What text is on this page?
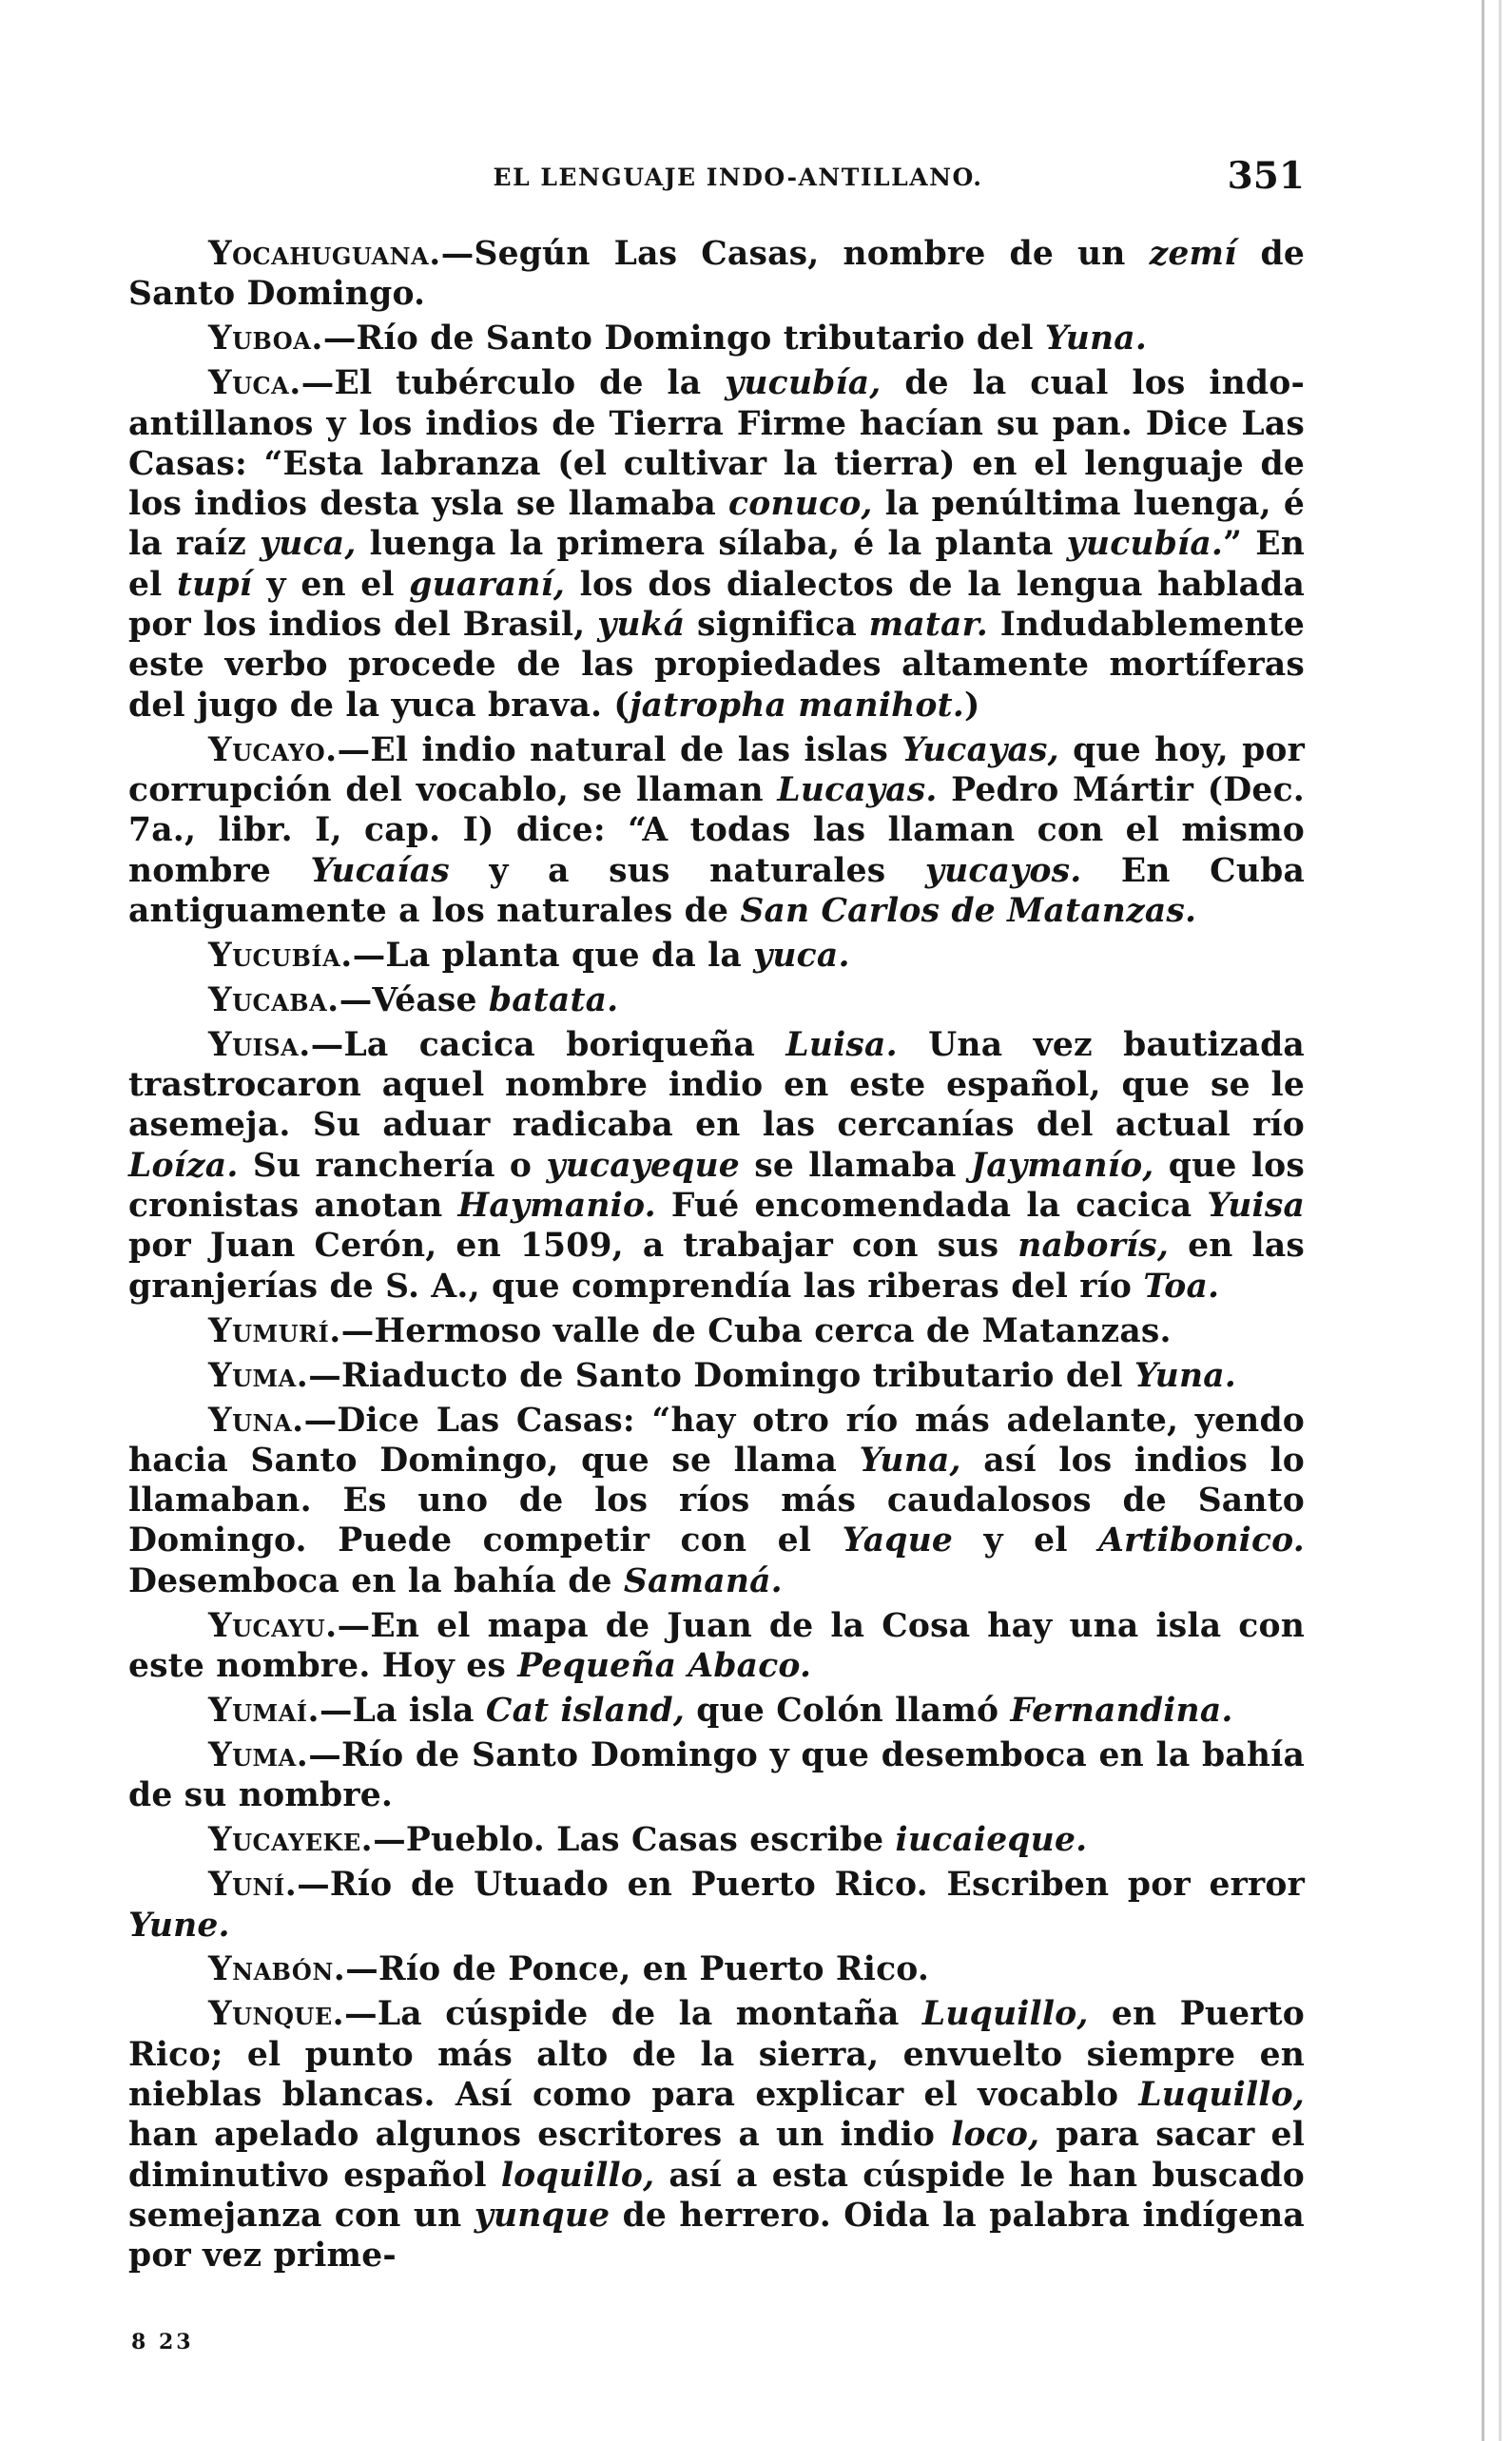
EL LENGUAJE INDO-ANTILLANO.	351

Yocahuguana.—Según Las Casas, nombre de un zemí de Santo Domingo.

Yuboa.—Río de Santo Domingo tributario del Yuna.

Yuca.—El tubérculo de la yucubía, de la cual los indo-antillanos y los indios de Tierra Firme hacían su pan. Dice Las Casas: “Esta labranza (el cultivar la tierra) en el lenguaje de los indios desta ysla se llamaba conuco, la penúltima luenga, é la raíz yuca, luenga la primera sílaba, é la planta yucubía.” En el tupí y en el guaraní, los dos dialectos de la lengua hablada por los indios del Brasil, yuká significa matar. Indudablemente este verbo procede de las propiedades altamente mortíferas del jugo de la yuca brava. (jatropha manihot.)

Yucayo.—El indio natural de las islas Yucayas, que hoy, por corrupción del vocablo, se llaman Lucayas. Pedro Mártir (Dec. 7a., libr. I, cap. I) dice: “A todas las llaman con el mismo nombre Yucaías y a sus naturales yucayos. En Cuba antiguamente a los naturales de San Carlos de Matanzas.

Yucubía.—La planta que da la yuca.

Yucaba.—Véase batata.

Yuisa.—La cacica boriqueña Luisa. Una vez bautizada trastrocaron aquel nombre indio en este español, que se le asemeja. Su aduar radicaba en las cercanías del actual río Loíza. Su ranchería o yucayeque se llamaba Jaymanío, que los cronistas anotan Haymanio. Fué encomendada la cacica Yuisa por Juan Cerón, en 1509, a trabajar con sus naborís, en las granjerías de S. A., que comprendía las riberas del río Toa.

Yumurí.—Hermoso valle de Cuba cerca de Matanzas.

Yuma.—Riaducto de Santo Domingo tributario del Yuna.

Yuna.—Dice Las Casas: “hay otro río más adelante, yendo hacia Santo Domingo, que se llama Yuna, así los indios lo llamaban. Es uno de los ríos más caudalosos de Santo Domingo. Puede competir con el Yaque y el Artibonico. Desemboca en la bahía de Samaná.

Yucayu.—En el mapa de Juan de la Cosa hay una isla con este nombre. Hoy es Pequeña Abaco.

Yumaí.—La isla Cat island, que Colón llamó Fernandina.

Yuma.—Río de Santo Domingo y que desemboca en la bahía de su nombre.

Yucayeke.—Pueblo. Las Casas escribe iucaieque.

Yuní.—Río de Utuado en Puerto Rico. Escriben por error Yune.

Ynabón.—Río de Ponce, en Puerto Rico.

Yunque.—La cúspide de la montaña Luquillo, en Puerto Rico; el punto más alto de la sierra, envuelto siempre en nieblas blancas. Así como para explicar el vocablo Luquillo, han apelado algunos escritores a un indio loco, para sacar el diminutivo español loquillo, así a esta cúspide le han buscado semejanza con un yunque de herrero. Oida la palabra indígena por vez prime-

8 23
